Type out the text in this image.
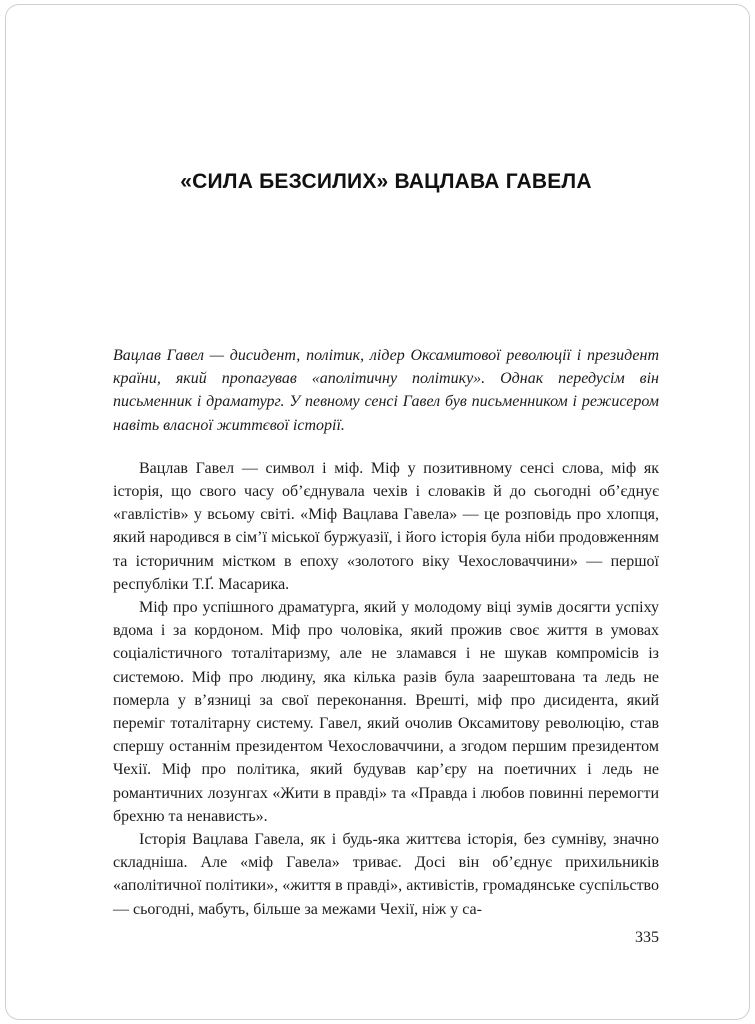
«СИЛА БЕЗСИЛИХ» ВАЦЛАВА ГАВЕЛА

Вацлав Гавел — дисидент, політик, лідер Оксамитової революції і президент країни, який пропагував «аполітичну політику». Однак передусім він письменник і драматург. У певному сенсі Гавел був письменником і режисером навіть власної життєвої історії.

Вацлав Гавел — символ і міф. Міф у позитивному сенсі слова, міф як історія, що свого часу об’єднувала чехів і словаків й до сьогодні об’єднує «гавлістів» у всьому світі. «Міф Вацлава Гавела» — це розповідь про хлопця, який народився в сім’ї міської буржуазії, і його історія була ніби продовженням та історичним містком в епоху «золотого віку Чехословаччини» — першої республіки Т.Ґ. Масарика.

Міф про успішного драматурга, який у молодому віці зумів досягти успіху вдома і за кордоном. Міф про чоловіка, який прожив своє життя в умовах соціалістичного тоталітаризму, але не зламався і не шукав компромісів із системою. Міф про людину, яка кілька разів була заарештована та ледь не померла у в’язниці за свої переконання. Врешті, міф про дисидента, який переміг тоталітарну систему. Гавел, який очолив Оксамитову революцію, став спершу останнім президентом Чехословаччини, а згодом першим президентом Чехії. Міф про політика, який будував кар’єру на поетичних і ледь не романтичних лозунгах «Жити в правді» та «Правда і любов повинні перемогти брехню та ненависть».

Історія Вацлава Гавела, як і будь-яка життєва історія, без сумніву, значно складніша. Але «міф Гавела» триває. Досі він об’єднує прихильників «аполітичної політики», «життя в правді», активістів, громадянське суспільство — сьогодні, мабуть, більше за межами Чехії, ніж у са-

335
